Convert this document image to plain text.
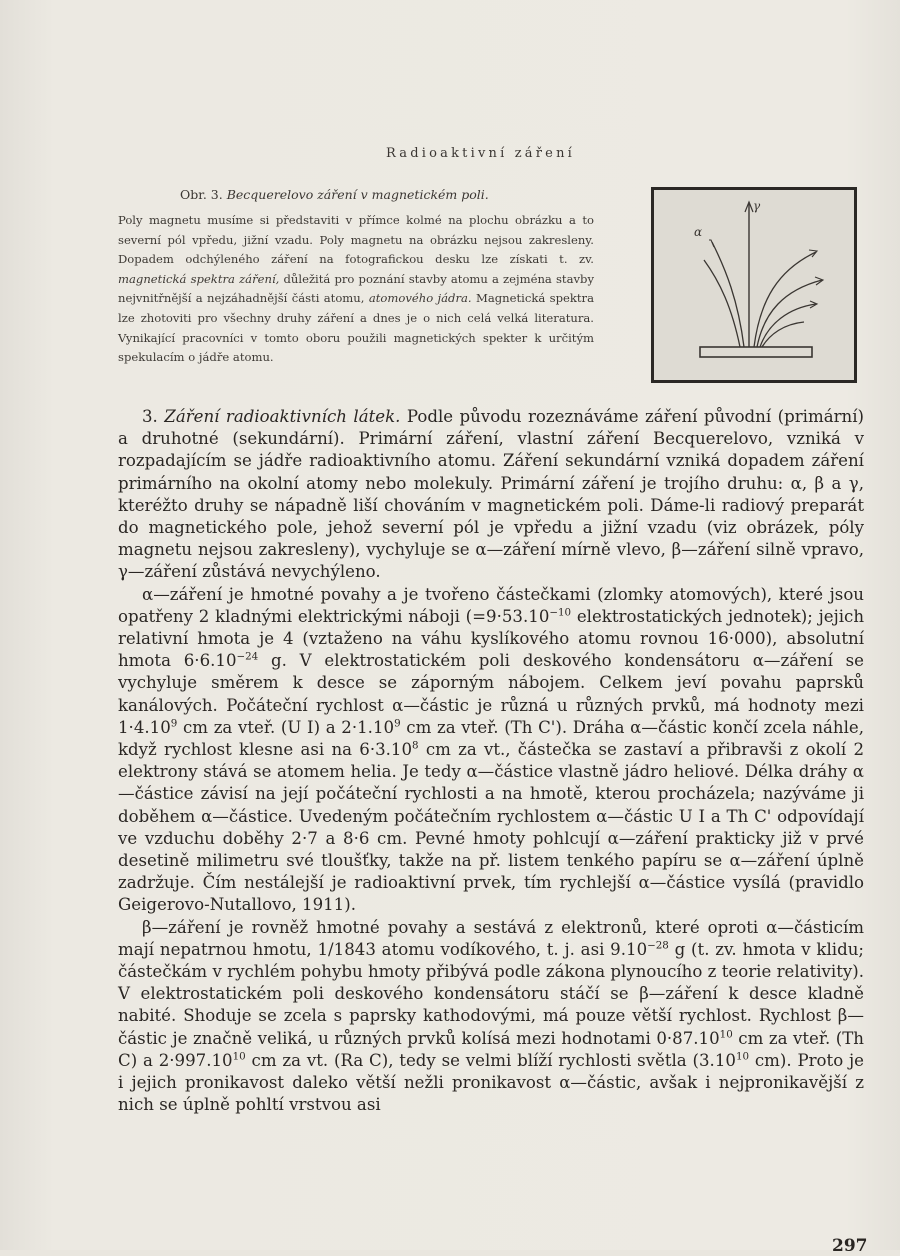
Radioaktivní záření
Obr. 3. Becquerelovo záření v magnetickém poli.

Poly magnetu musíme si představiti v přímce kolmé na plochu obrázku a to severní pól vpředu, jižní vzadu. Poly magnetu na obrázku nejsou zakresleny. Dopadem odchýleného záření na fotografickou desku lze získati t. zv. magnetická spektra záření, důležitá pro poznání stavby atomu a zejména stavby nejvnitřnější a nejzáhadnější části atomu, atomového jádra. Magnetická spektra lze zhotoviti pro všechny druhy záření a dnes je o nich celá velká literatura. Vynikající pracovníci v tomto oboru použili magnetických spekter k určitým spekulacím o jádře atomu.

α
γ

3. Záření radioaktivních látek. Podle původu rozeznáváme záření původní (primární) a druhotné (sekundární). Primární záření, vlastní záření Becquerelovo, vzniká v rozpadajícím se jádře radioaktivního atomu. Záření sekundární vzniká dopadem záření primárního na okolní atomy nebo molekuly. Primární záření je trojího druhu: α, β a γ, kteréžto druhy se nápadně liší chováním v magnetickém poli. Dáme-li radiový preparát do magnetického pole, jehož severní pól je vpředu a jižní vzadu (viz obrázek, póly magnetu nejsou zakresleny), vychyluje se α—záření mírně vlevo, β—záření silně vpravo, γ—záření zůstává nevychýleno.

α—záření je hmotné povahy a je tvořeno částečkami (zlomky atomových), které jsou opatřeny 2 kladnými elektrickými náboji ($=9\cdot 53.10^{-10}$ elektrostatických jednotek); jejich relativní hmota je 4 (vztaženo na váhu kyslíkového atomu rovnou 16·000), absolutní hmota $6\cdot 6.10^{-24}$ g. V elektrostatickém poli deskového kondensátoru α—záření se vychyluje směrem k desce se záporným nábojem. Celkem jeví povahu paprsků kanálových. Počáteční rychlost α—částic je různá u různých prvků, má hodnoty mezi $1\cdot 4.10^9$ cm za vteř. (U I) a $2\cdot 1.10^9$ cm za vteř. (Th C'). Dráha α—částic končí zcela náhle, když rychlost klesne asi na $6\cdot 3.10^8$ cm za vt., částečka se zastaví a přibravši z okolí 2 elektrony stává se atomem helia. Je tedy α—částice vlastně jádro heliové. Délka dráhy α—částice závisí na její počáteční rychlosti a na hmotě, kterou procházela; nazýváme ji doběhem α—částice. Uvedeným počátečním rychlostem α—částic U I a Th C' odpovídají ve vzduchu doběhy 2·7 a 8·6 cm. Pevné hmoty pohlcují α—záření prakticky již v prvé desetině milimetru své tloušťky, takže na př. listem tenkého papíru se α—záření úplně zadržuje. Čím nestálejší je radioaktivní prvek, tím rychlejší α—částice vysílá (pravidlo Geigerovo-Nutallovo, 1911).

β—záření je rovněž hmotné povahy a sestává z elektronů, které oproti α—částicím mají nepatrnou hmotu, 1/1843 atomu vodíkového, t. j. asi $9.10^{-28}$ g (t. zv. hmota v klidu; částečkám v rychlém pohybu hmoty přibývá podle zákona plynoucího z teorie relativity). V elektrostatickém poli deskového kondensátoru stáčí se β—záření k desce kladně nabité. Shoduje se zcela s paprsky kathodovými, má pouze větší rychlost. Rychlost β—částic je značně veliká, u různých prvků kolísá mezi hodnotami $0\cdot 87.10^{10}$ cm za vteř. (Th C) a $2\cdot 997.10^{10}$ cm za vt. (Ra C), tedy se velmi blíží rychlosti světla (3.10$^{10}$ cm). Proto je i jejich pronikavost daleko větší nežli pronikavost α—částic, avšak i nejpronikavější z nich se úplně pohltí vrstvou asi

297
